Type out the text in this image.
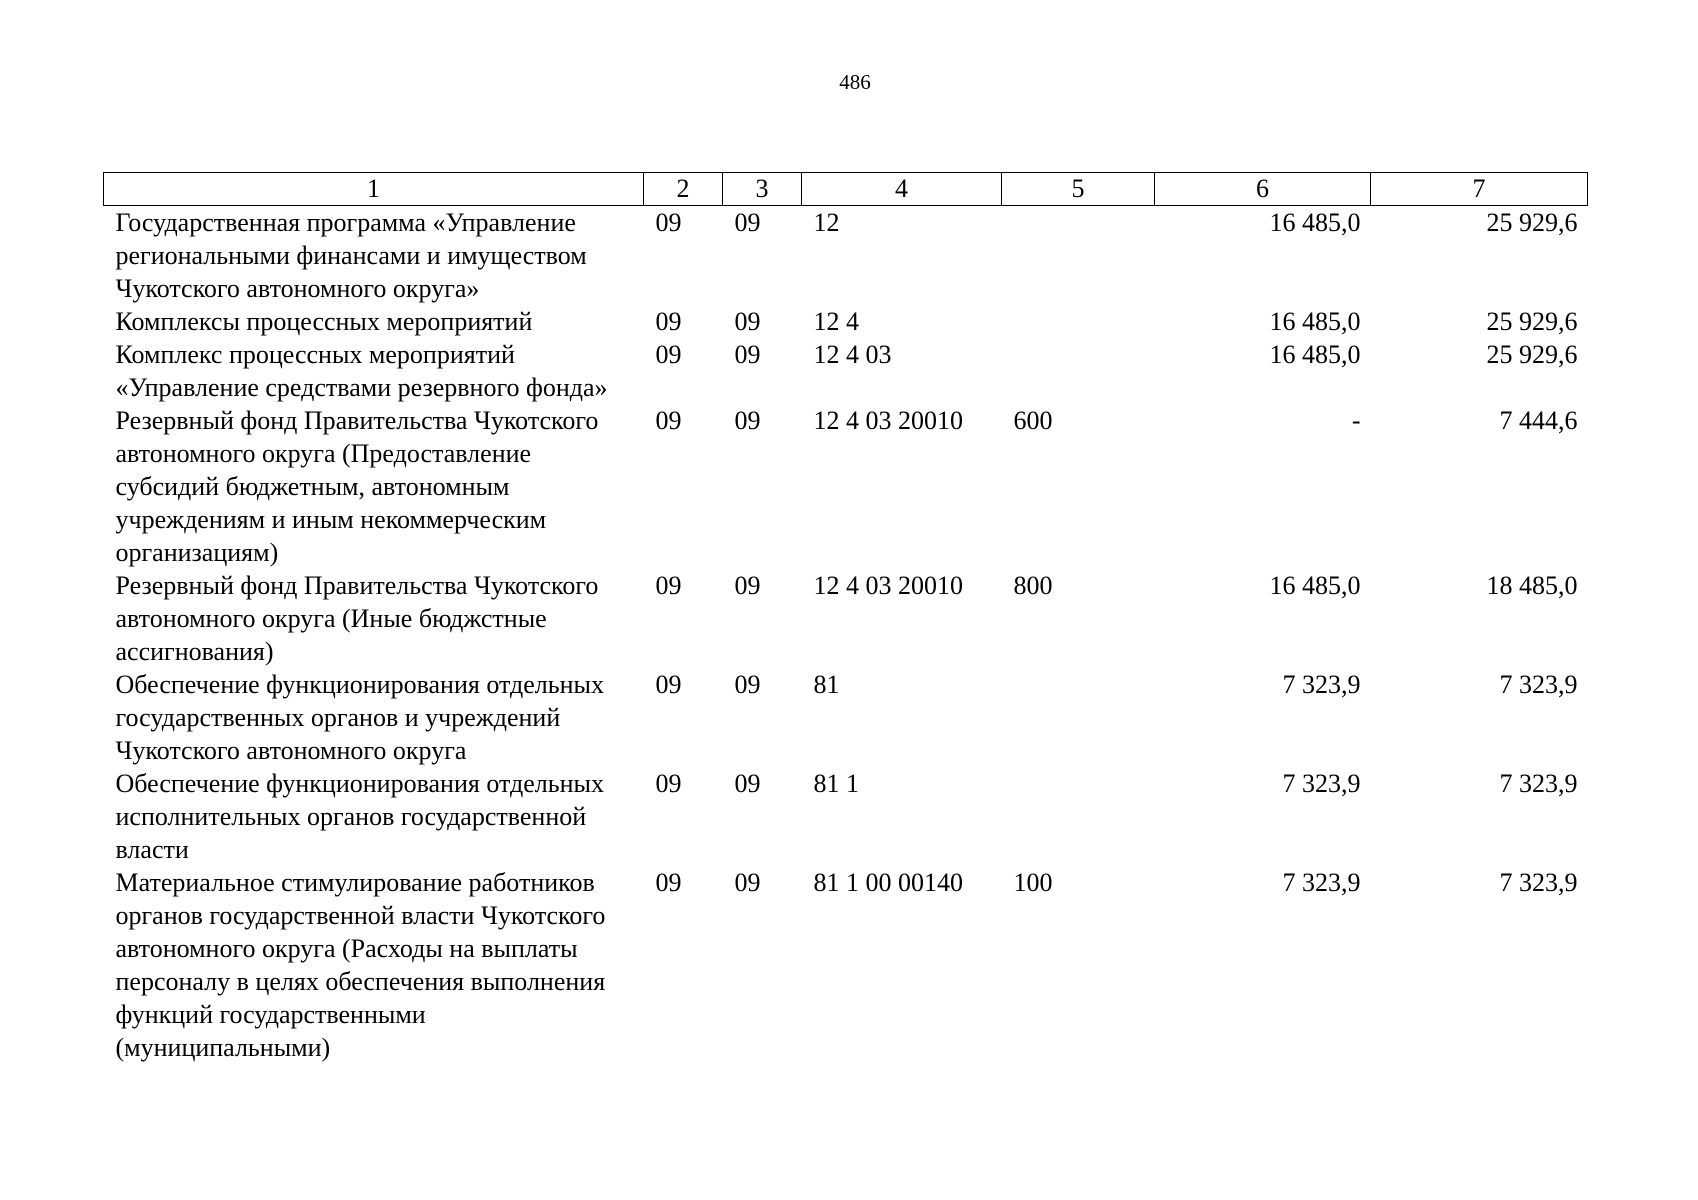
486
1	2	3	4	5	6	7
Государственная программа «Управление региональными финансами и имуществом Чукотского автономного округа»	09	09	12		16 485,0	25 929,6
Комплексы процессных мероприятий	09	09	12 4		16 485,0	25 929,6
Комплекс процессных мероприятий «Управление средствами резервного фонда»	09	09	12 4 03		16 485,0	25 929,6
Резервный фонд Правительства Чукотского автономного округа (Предоставление субсидий бюджетным, автономным учреждениям и иным некоммерческим организациям)	09	09	12 4 03 20010	600	-	7 444,6
Резервный фонд Правительства Чукотского автономного округа (Иные бюджстные ассигнования)	09	09	12 4 03 20010	800	16 485,0	18 485,0
Обеспечение функционирования отдельных государственных органов и учреждений Чукотского автономного округа	09	09	81		7 323,9	7 323,9
Обеспечение функционирования отдельных исполнительных органов государственной власти	09	09	81 1		7 323,9	7 323,9
Материальное стимулирование работников органов государственной власти Чукотского автономного округа (Расходы на выплаты персоналу в целях обеспечения выполнения функций государственными (муниципальными)	09	09	81 1 00 00140	100	7 323,9	7 323,9
